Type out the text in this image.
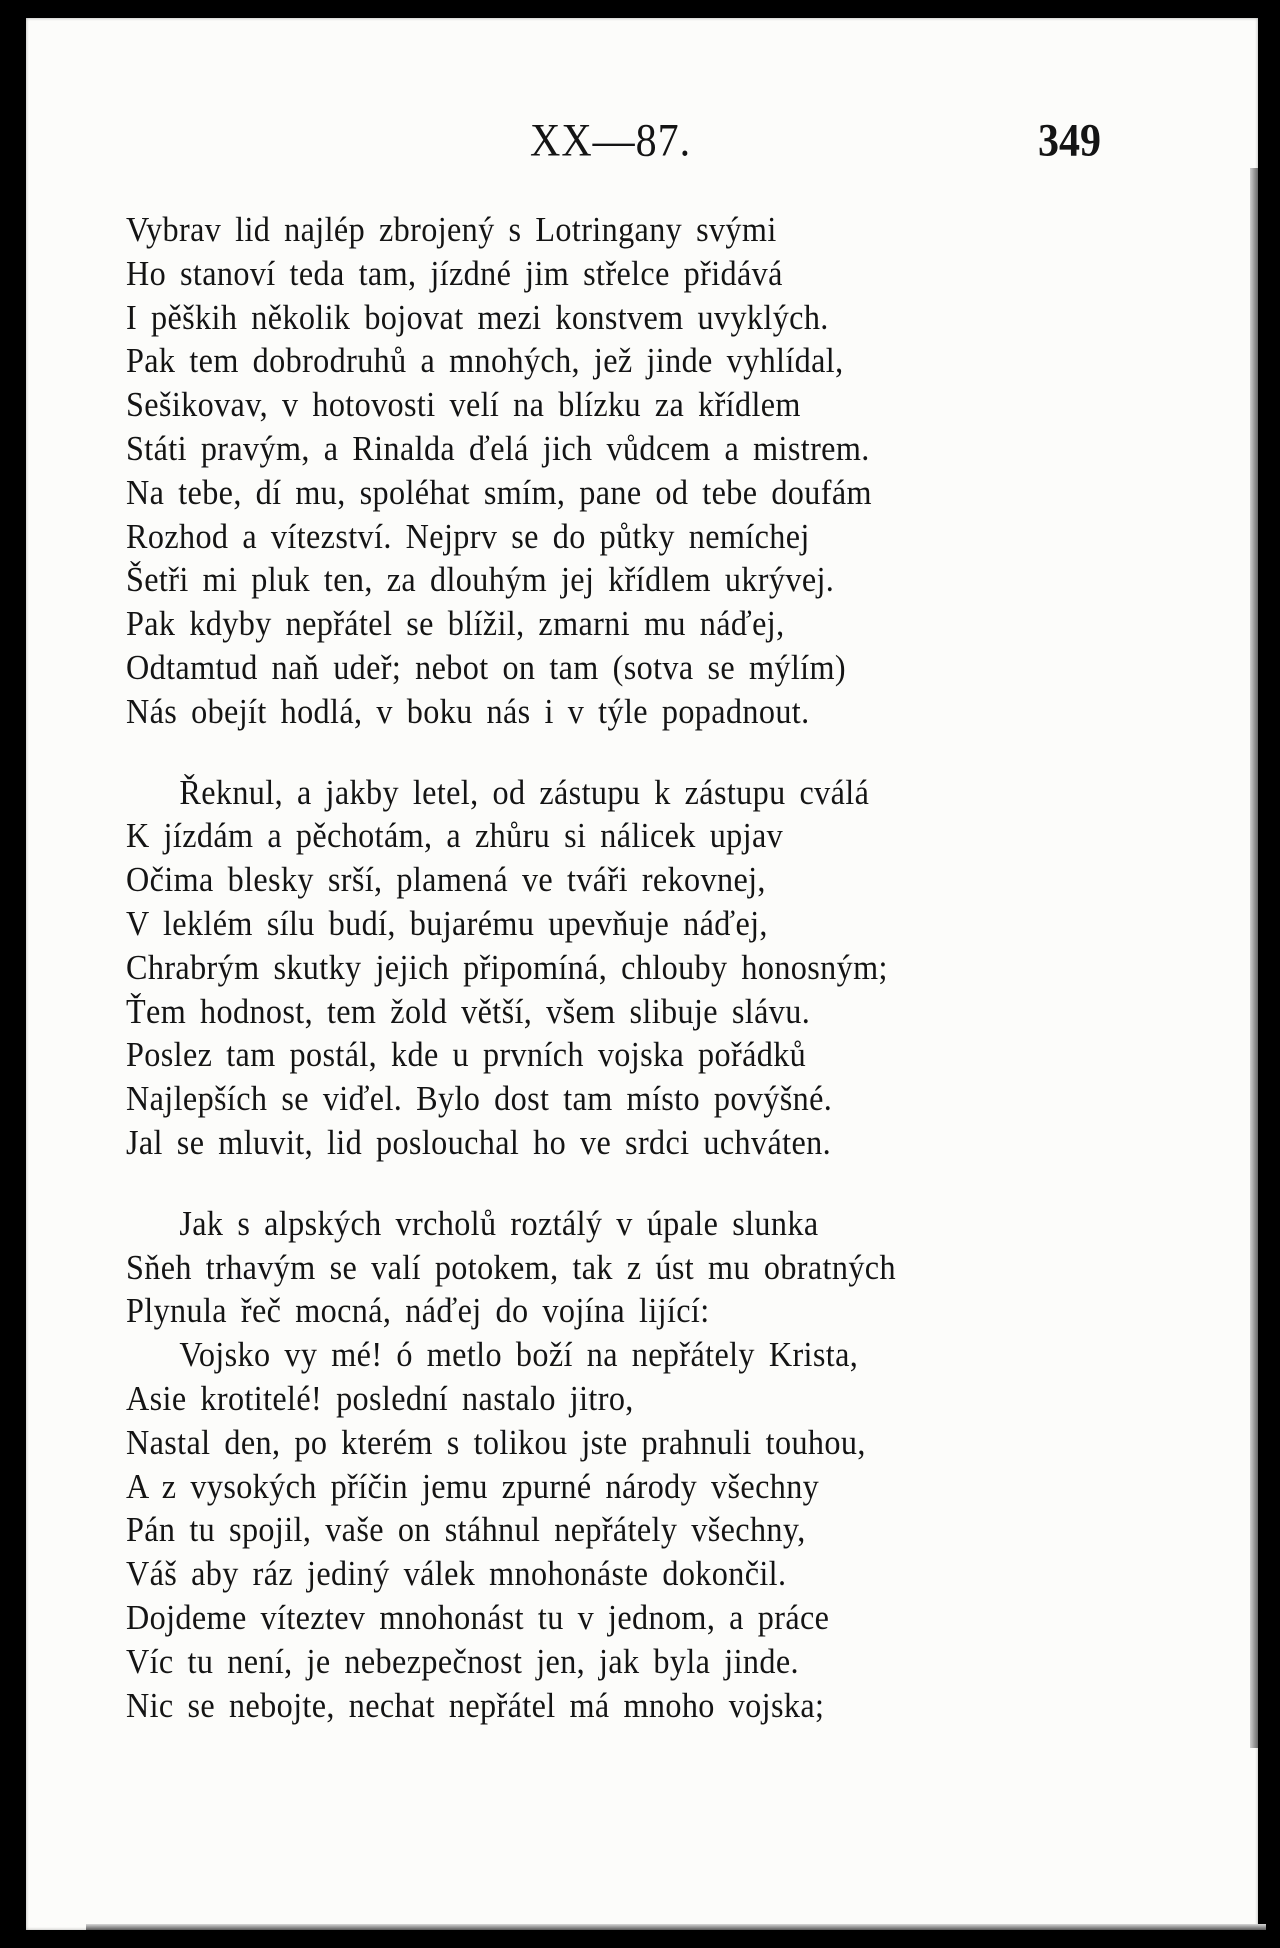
XX—87.	349
Vybrav lid najlép zbrojený s Lotringany svými
Ho stanoví teda tam, jízdné jim střelce přidává
I pěških několik bojovat mezi konstvem uvyklých.
Pak tem dobrodruhů a mnohých, jež jinde vyhlídal,
Sešikovav, v hotovosti velí na blízku za křídlem
Státi pravým, a Rinalda ďelá jich vůdcem a mistrem.
Na tebe, dí mu, spoléhat smím, pane od tebe doufám
Rozhod a vítezství. Nejprv se do půtky nemíchej
Šetři mi pluk ten, za dlouhým jej křídlem ukrývej.
Pak kdyby nepřátel se blížil, zmarni mu náďej,
Odtamtud naň udeř; nebot on tam (sotva se mýlím)
Nás obejít hodlá, v boku nás i v týle popadnout.
Řeknul, a jakby letel, od zástupu k zástupu cválá
K jízdám a pěchotám, a zhůru si nálicek upjav
Očima blesky srší, plamená ve tváři rekovnej,
V leklém sílu budí, bujarému upevňuje náďej,
Chrabrým skutky jejich připomíná, chlouby honosným;
Ťem hodnost, tem žold větší, všem slibuje slávu.
Poslez tam postál, kde u prvních vojska pořádků
Najlepších se viďel. Bylo dost tam místo povýšné.
Jal se mluvit, lid poslouchal ho ve srdci uchváten.
Jak s alpských vrcholů roztálý v úpale slunka
Sňeh trhavým se valí potokem, tak z úst mu obratných
Plynula řeč mocná, náďej do vojína lijící:
Vojsko vy mé! ó metlo boží na nepřátely Krista,
Asie krotitelé! poslední nastalo jitro,
Nastal den, po kterém s tolikou jste prahnuli touhou,
A z vysokých příčin jemu zpurné národy všechny
Pán tu spojil, vaše on stáhnul nepřátely všechny,
Váš aby ráz jediný válek mnohonáste dokončil.
Dojdeme víteztev mnohonást tu v jednom, a práce
Víc tu není, je nebezpečnost jen, jak byla jinde.
Nic se nebojte, nechat nepřátel má mnoho vojska;
